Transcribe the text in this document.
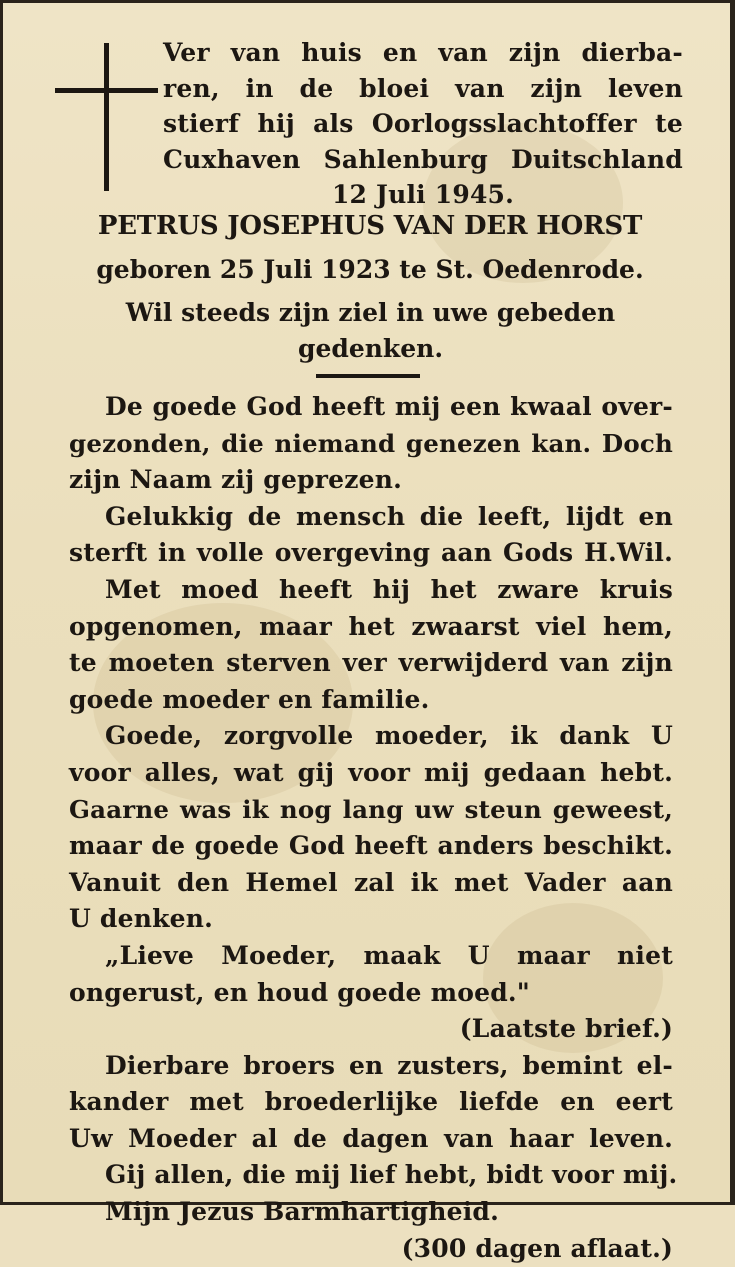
Ver van huis en van zijn dierba-
ren, in de bloei van zijn leven
stierf hij als Oorlogsslachtoffer te
Cuxhaven Sahlenburg Duitschland
12 Juli 1945.
PETRUS JOSEPHUS VAN DER HORST
geboren 25 Juli 1923 te St. Oedenrode.
Wil steeds zijn ziel in uwe gebeden
gedenken.
De goede God heeft mij een kwaal over-
gezonden, die niemand genezen kan. Doch
zijn Naam zij geprezen.
Gelukkig de mensch die leeft, lijdt en
sterft in volle overgeving aan Gods H.Wil.
Met moed heeft hij het zware kruis
opgenomen, maar het zwaarst viel hem,
te moeten sterven ver verwijderd van zijn
goede moeder en familie.
Goede, zorgvolle moeder, ik dank U
voor alles, wat gij voor mij gedaan hebt.
Gaarne was ik nog lang uw steun geweest,
maar de goede God heeft anders beschikt.
Vanuit den Hemel zal ik met Vader aan
U denken.
„Lieve Moeder, maak U maar niet
ongerust, en houd goede moed."
(Laatste brief.)
Dierbare broers en zusters, bemint el-
kander met broederlijke liefde en eert
Uw Moeder al de dagen van haar leven.
Gij allen, die mij lief hebt, bidt voor mij.
Mijn Jezus Barmhartigheid.
(300 dagen aflaat.)
